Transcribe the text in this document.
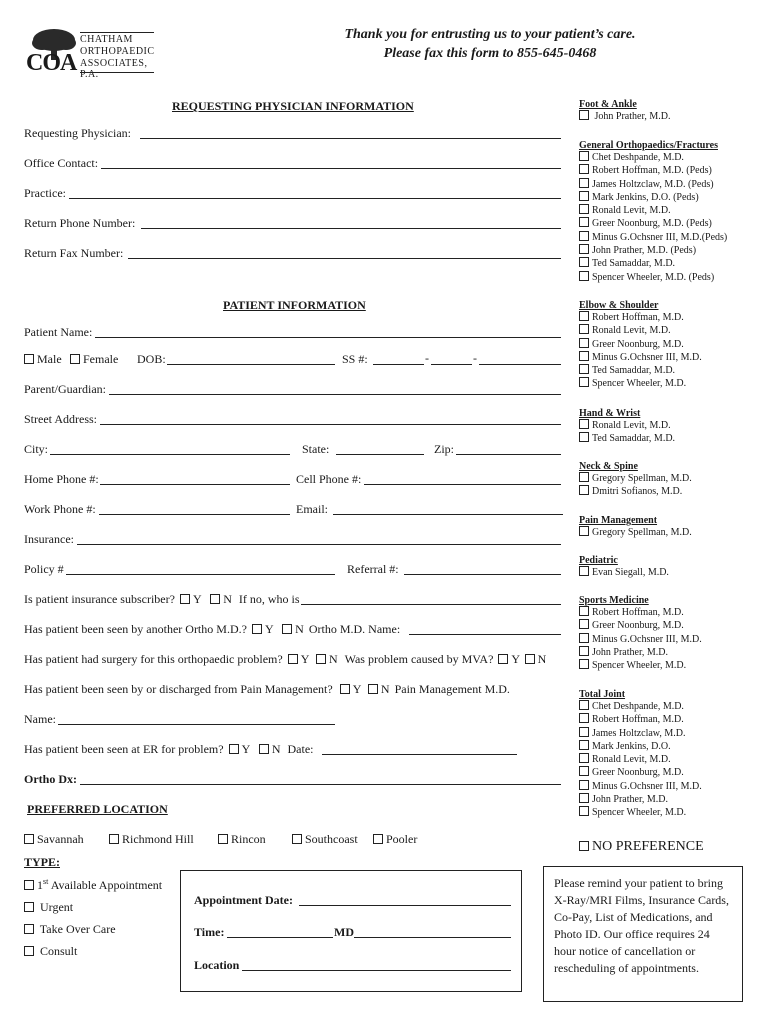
COA
CHATHAM
ORTHOPAEDIC
ASSOCIATES, P.A.
Thank you for entrusting us to your patient’s care.
Please fax this form to 855-645-0468
REQUESTING PHYSICIAN INFORMATION
Requesting Physician:
Office Contact:
Practice:
Return Phone Number:
Return Fax Number:
PATIENT INFORMATION
Patient Name:
Male	Female DOB:	SS #:	-	-
Parent/Guardian:
Street Address:
City:	State:	Zip:
Home Phone #:	Cell Phone #:
Work Phone #:	Email:
Insurance:
Policy #	Referral #:
Is patient insurance subscriber? Y N If no, who is
Has patient been seen by another Ortho M.D.? Y N Ortho M.D. Name:
Has patient had surgery for this orthopaedic problem? Y N Was problem caused by MVA? Y N
Has patient been seen by or discharged from Pain Management? Y N Pain Management M.D.
Name:
Has patient been seen at ER for problem? Y N Date:
Ortho Dx:
PREFERRED LOCATION
Savannah	Richmond Hill	Rincon	Southcoast	Pooler
TYPE:
1st Available Appointment
Urgent
Take Over Care
Consult
Appointment Date:
Time:	MD
Location
Foot & Ankle
John Prather, M.D.
General Orthopaedics/Fractures
Chet Deshpande, M.D.
Robert Hoffman, M.D. (Peds)
James Holtzclaw, M.D. (Peds)
Mark Jenkins, D.O. (Peds)
Ronald Levit, M.D.
Greer Noonburg, M.D. (Peds)
Minus G.Ochsner III, M.D.(Peds)
John Prather, M.D. (Peds)
Ted Samaddar, M.D.
Spencer Wheeler, M.D. (Peds)
Elbow & Shoulder
Robert Hoffman, M.D.
Ronald Levit, M.D.
Greer Noonburg, M.D.
Minus G.Ochsner III, M.D.
Ted Samaddar, M.D.
Spencer Wheeler, M.D.
Hand & Wrist
Ronald Levit, M.D.
Ted Samaddar, M.D.
Neck & Spine
Gregory Spellman, M.D.
Dmitri Sofianos, M.D.
Pain Management
Gregory Spellman, M.D.
Pediatric
Evan Siegall, M.D.
Sports Medicine
Robert Hoffman, M.D.
Greer Noonburg, M.D.
Minus G.Ochsner III, M.D.
John Prather, M.D.
Spencer Wheeler, M.D.
Total Joint
Chet Deshpande, M.D.
Robert Hoffman, M.D.
James Holtzclaw, M.D.
Mark Jenkins, D.O.
Ronald Levit, M.D.
Greer Noonburg, M.D.
Minus G.Ochsner III, M.D.
John Prather, M.D.
Spencer Wheeler, M.D.
NO PREFERENCE
Please remind your patient to bring X-Ray/MRI Films, Insurance Cards, Co-Pay, List of Medications, and Photo ID. Our office requires 24 hour notice of cancellation or rescheduling of appointments.
